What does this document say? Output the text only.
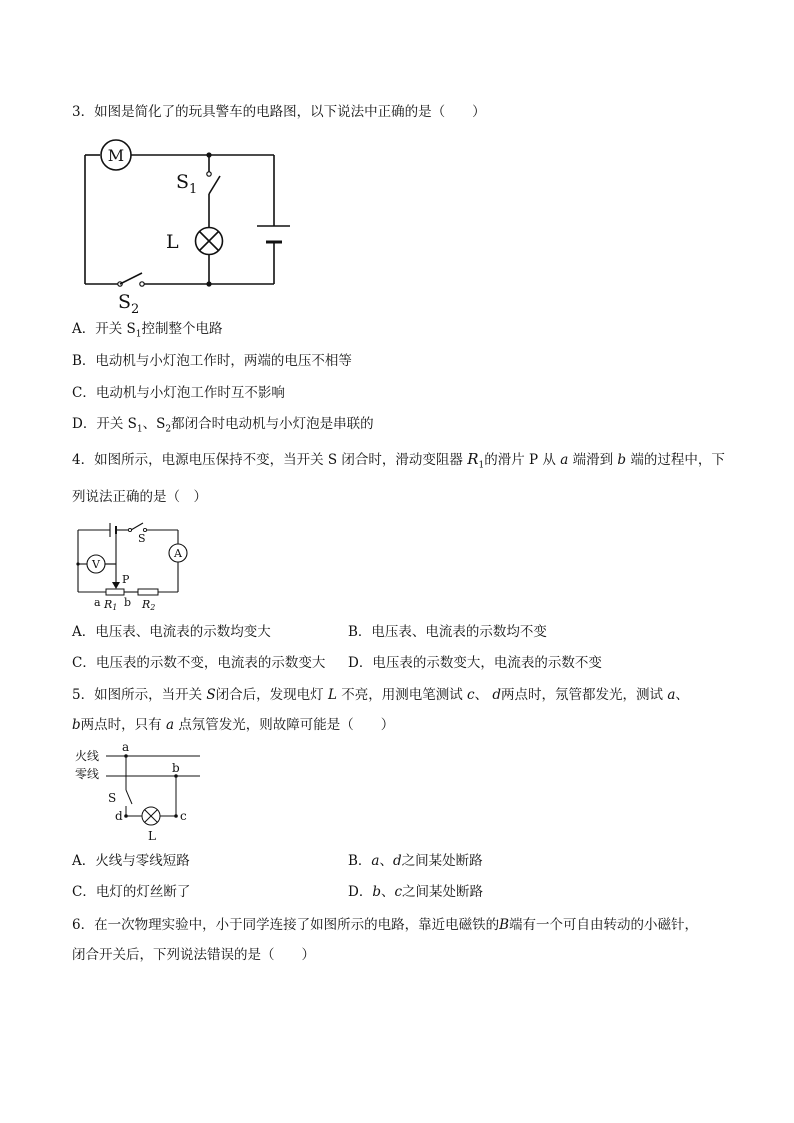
3．如图是简化了的玩具警车的电路图，以下说法中正确的是（　　）
M
$S_1$
L
$S_2$
A．开关 $S_1$控制整个电路
B．电动机与小灯泡工作时，两端的电压不相等
C．电动机与小灯泡工作时互不影响
D．开关 $S_1$、$S_2$都闭合时电动机与小灯泡是串联的
4．如图所示，电源电压保持不变，当开关 S 闭合时，滑动变阻器 $R_1$的滑片 P 从 a 端滑到 b 端的过程中，下
列说法正确的是（　）
S
A
V
P
a R1 b R2
A．电压表、电流表的示数均变大	B．电压表、电流表的示数均不变
C．电压表的示数不变，电流表的示数变大 D．电压表的示数变大，电流表的示数不变
5．如图所示，当开关 S闭合后，发现电灯 L 不亮，用测电笔测试 c、 d两点时，氖管都发光，测试 a、
b两点时，只有 a 点氖管发光，则故障可能是（　　）
火线
零线
a
b
S
d	c
L
A．火线与零线短路	B．a、d之间某处断路
C．电灯的灯丝断了	D．b、c之间某处断路
6．在一次物理实验中，小于同学连接了如图所示的电路，靠近电磁铁的B端有一个可自由转动的小磁针，
闭合开关后，下列说法错误的是（　　）
